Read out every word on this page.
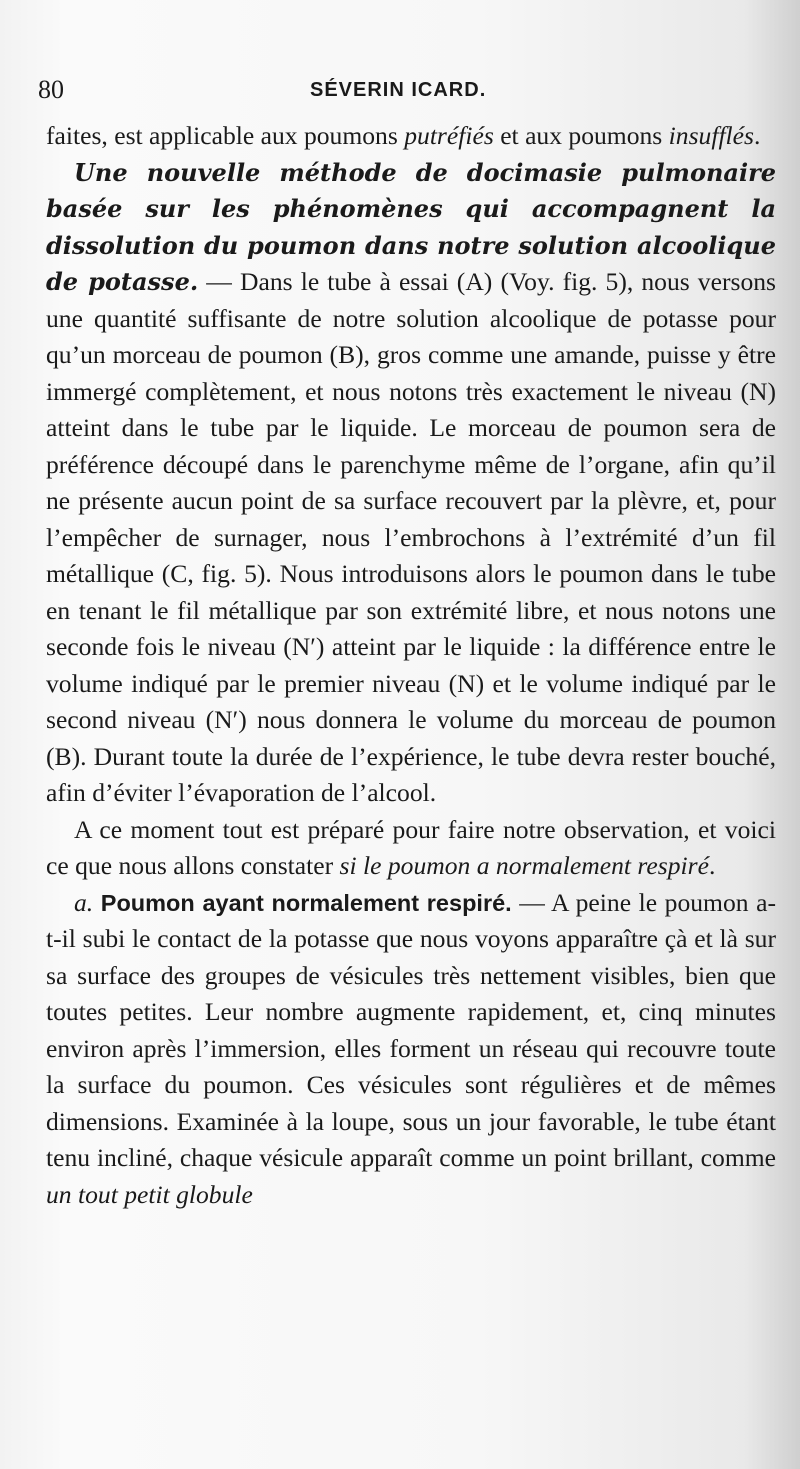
80	SÉVERIN ICARD.

faites, est applicable aux poumons putréfiés et aux poumons insufflés.

Une nouvelle méthode de docimasie pulmonaire basée sur les phénomènes qui accompagnent la dissolution du poumon dans notre solution alcoolique de potasse. — Dans le tube à essai (A) (Voy. fig. 5), nous versons une quantité suffisante de notre solution alcoolique de potasse pour qu’un morceau de poumon (B), gros comme une amande, puisse y être immergé complètement, et nous notons très exactement le niveau (N) atteint dans le tube par le liquide. Le morceau de poumon sera de préférence découpé dans le parenchyme même de l’organe, afin qu’il ne présente aucun point de sa surface recouvert par la plèvre, et, pour l’empêcher de surnager, nous l’embrochons à l’extrémité d’un fil métallique (C, fig. 5). Nous introduisons alors le poumon dans le tube en tenant le fil métallique par son extrémité libre, et nous notons une seconde fois le niveau (N′) atteint par le liquide : la différence entre le volume indiqué par le premier niveau (N) et le volume indiqué par le second niveau (N′) nous donnera le volume du morceau de poumon (B). Durant toute la durée de l’expérience, le tube devra rester bouché, afin d’éviter l’évaporation de l’alcool.

A ce moment tout est préparé pour faire notre observation, et voici ce que nous allons constater si le poumon a normalement respiré.

a. Poumon ayant normalement respiré. — A peine le poumon a-t-il subi le contact de la potasse que nous voyons apparaître çà et là sur sa surface des groupes de vésicules très nettement visibles, bien que toutes petites. Leur nombre augmente rapidement, et, cinq minutes environ après l’immersion, elles forment un réseau qui recouvre toute la surface du poumon. Ces vésicules sont régulières et de mêmes dimensions. Examinée à la loupe, sous un jour favorable, le tube étant tenu incliné, chaque vésicule apparaît comme un point brillant, comme un tout petit globule
